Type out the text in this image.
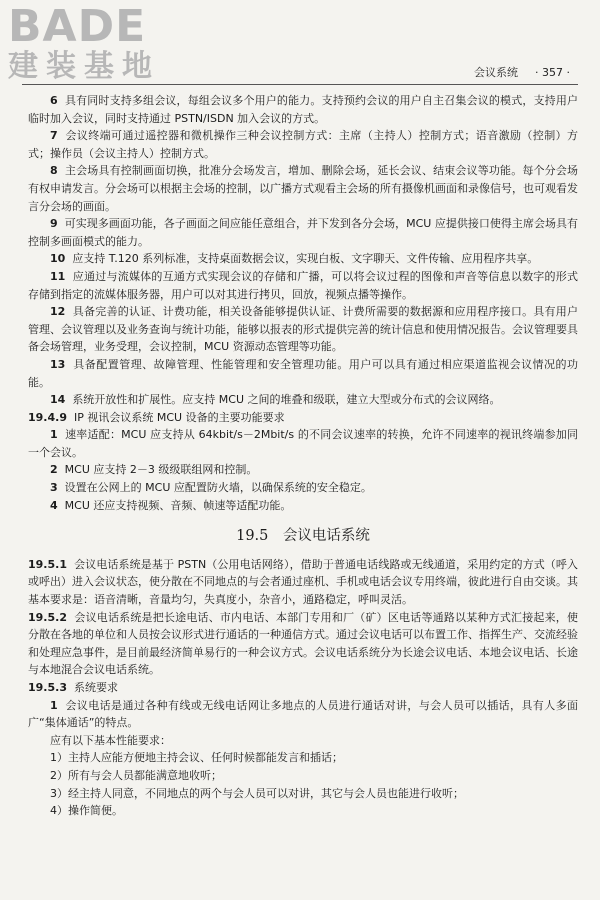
BADE
建装基地	会议系统 · 357 ·

6 具有同时支持多组会议，每组会议多个用户的能力。支持预约会议的用户自主召集会议的模式，支持用户临时加入会议，同时支持通过 PSTN/ISDN 加入会议的方式。

7 会议终端可通过遥控器和微机操作三种会议控制方式：主席（主持人）控制方式；语音激励（控制）方式；操作员（会议主持人）控制方式。

8 主会场具有控制画面切换，批准分会场发言，增加、删除会场，延长会议、结束会议等功能。每个分会场有权申请发言。分会场可以根据主会场的控制，以广播方式观看主会场的所有摄像机画面和录像信号，也可观看发言分会场的画面。

9 可实现多画面功能，各子画面之间应能任意组合，并下发到各分会场，MCU 应提供接口使得主席会场具有控制多画面模式的能力。

10 应支持 T.120 系列标准，支持桌面数据会议，实现白板、文字聊天、文件传输、应用程序共享。

11 应通过与流媒体的互通方式实现会议的存储和广播，可以将会议过程的图像和声音等信息以数字的形式存储到指定的流媒体服务器，用户可以对其进行拷贝，回放，视频点播等操作。

12 具备完善的认证、计费功能，相关设备能够提供认证、计费所需要的数据源和应用程序接口。具有用户管理、会议管理以及业务查询与统计功能，能够以报表的形式提供完善的统计信息和使用情况报告。会议管理要具备会场管理，业务受理，会议控制，MCU 资源动态管理等功能。

13 具备配置管理、故障管理、性能管理和安全管理功能。用户可以具有通过相应渠道监视会议情况的功能。

14 系统开放性和扩展性。应支持 MCU 之间的堆叠和级联，建立大型或分布式的会议网络。

19.4.9 IP 视讯会议系统 MCU 设备的主要功能要求

1 速率适配：MCU 应支持从 64kbit/s－2Mbit/s 的不同会议速率的转换，允许不同速率的视讯终端参加同一个会议。

2 MCU 应支持 2－3 级级联组网和控制。

3 设置在公网上的 MCU 应配置防火墙，以确保系统的安全稳定。

4 MCU 还应支持视频、音频、帧速等适配功能。

19.5　会议电话系统

19.5.1 会议电话系统是基于 PSTN（公用电话网络），借助于普通电话线路或无线通道，采用约定的方式（呼入或呼出）进入会议状态，使分散在不同地点的与会者通过座机、手机或电话会议专用终端，彼此进行自由交谈。其基本要求是：语音清晰，音量均匀，失真度小，杂音小，通路稳定，呼叫灵活。

19.5.2 会议电话系统是把长途电话、市内电话、本部门专用和厂（矿）区电话等通路以某种方式汇接起来，使分散在各地的单位和人员按会议形式进行通话的一种通信方式。通过会议电话可以布置工作、指挥生产、交流经验和处理应急事件，是目前最经济简单易行的一种会议方式。会议电话系统分为长途会议电话、本地会议电话、长途与本地混合会议电话系统。

19.5.3 系统要求

1 会议电话是通过各种有线或无线电话网让多地点的人员进行通话对讲，与会人员可以插话，具有人多面广“集体通话”的特点。

应有以下基本性能要求：

1）主持人应能方便地主持会议、任何时候都能发言和插话；

2）所有与会人员都能满意地收听；

3）经主持人同意，不同地点的两个与会人员可以对讲，其它与会人员也能进行收听；

4）操作简便。
